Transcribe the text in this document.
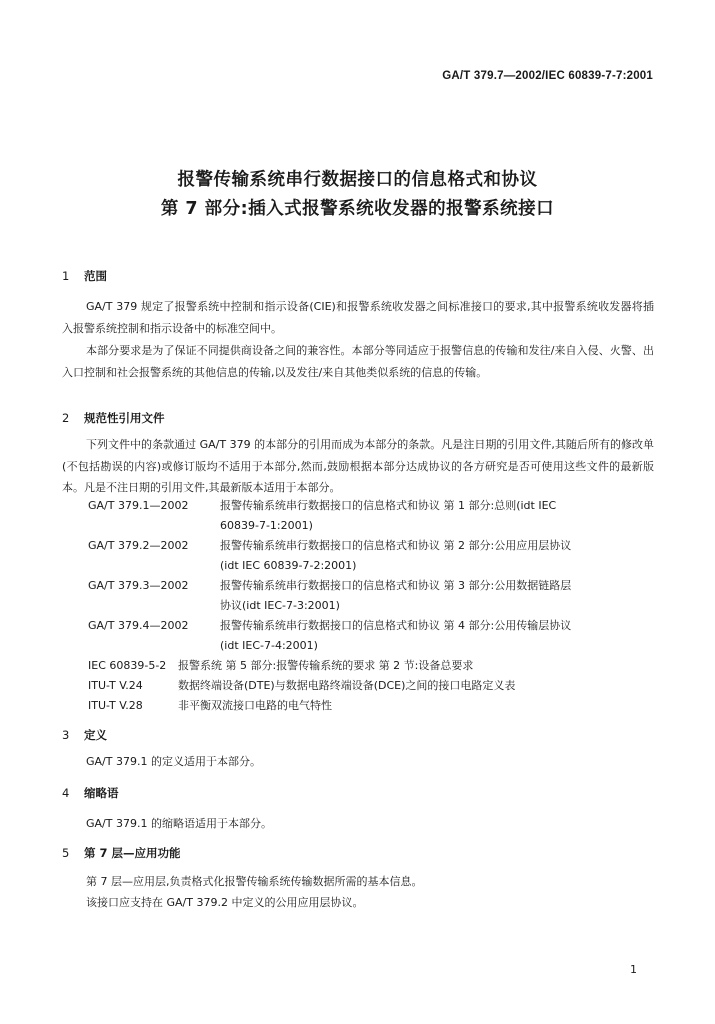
GA/T 379.7—2002/IEC 60839-7-7:2001
报警传输系统串行数据接口的信息格式和协议
第 7 部分:插入式报警系统收发器的报警系统接口
1 范围
GA/T 379 规定了报警系统中控制和指示设备(CIE)和报警系统收发器之间标准接口的要求,其中报警系统收发器将插入报警系统控制和指示设备中的标准空间中。
本部分要求是为了保证不同提供商设备之间的兼容性。本部分等同适应于报警信息的传输和发往/来自入侵、火警、出入口控制和社会报警系统的其他信息的传输,以及发往/来自其他类似系统的信息的传输。
2 规范性引用文件
下列文件中的条款通过 GA/T 379 的本部分的引用而成为本部分的条款。凡是注日期的引用文件,其随后所有的修改单(不包括勘误的内容)或修订版均不适用于本部分,然而,鼓励根据本部分达成协议的各方研究是否可使用这些文件的最新版本。凡是不注日期的引用文件,其最新版本适用于本部分。
GA/T 379.1—2002	报警传输系统串行数据接口的信息格式和协议 第 1 部分:总则(idt IEC
60839-7-1:2001)
GA/T 379.2—2002	报警传输系统串行数据接口的信息格式和协议 第 2 部分:公用应用层协议
(idt IEC 60839-7-2:2001)
GA/T 379.3—2002	报警传输系统串行数据接口的信息格式和协议 第 3 部分:公用数据链路层
协议(idt IEC-7-3:2001)
GA/T 379.4—2002	报警传输系统串行数据接口的信息格式和协议 第 4 部分:公用传输层协议
(idt IEC-7-4:2001)
IEC 60839-5-2 报警系统 第 5 部分:报警传输系统的要求 第 2 节:设备总要求
ITU-T V.24	数据终端设备(DTE)与数据电路终端设备(DCE)之间的接口电路定义表
ITU-T V.28	非平衡双流接口电路的电气特性
3 定义
GA/T 379.1 的定义适用于本部分。
4 缩略语
GA/T 379.1 的缩略语适用于本部分。
5 第 7 层—应用功能
第 7 层—应用层,负责格式化报警传输系统传输数据所需的基本信息。
该接口应支持在 GA/T 379.2 中定义的公用应用层协议。
1
